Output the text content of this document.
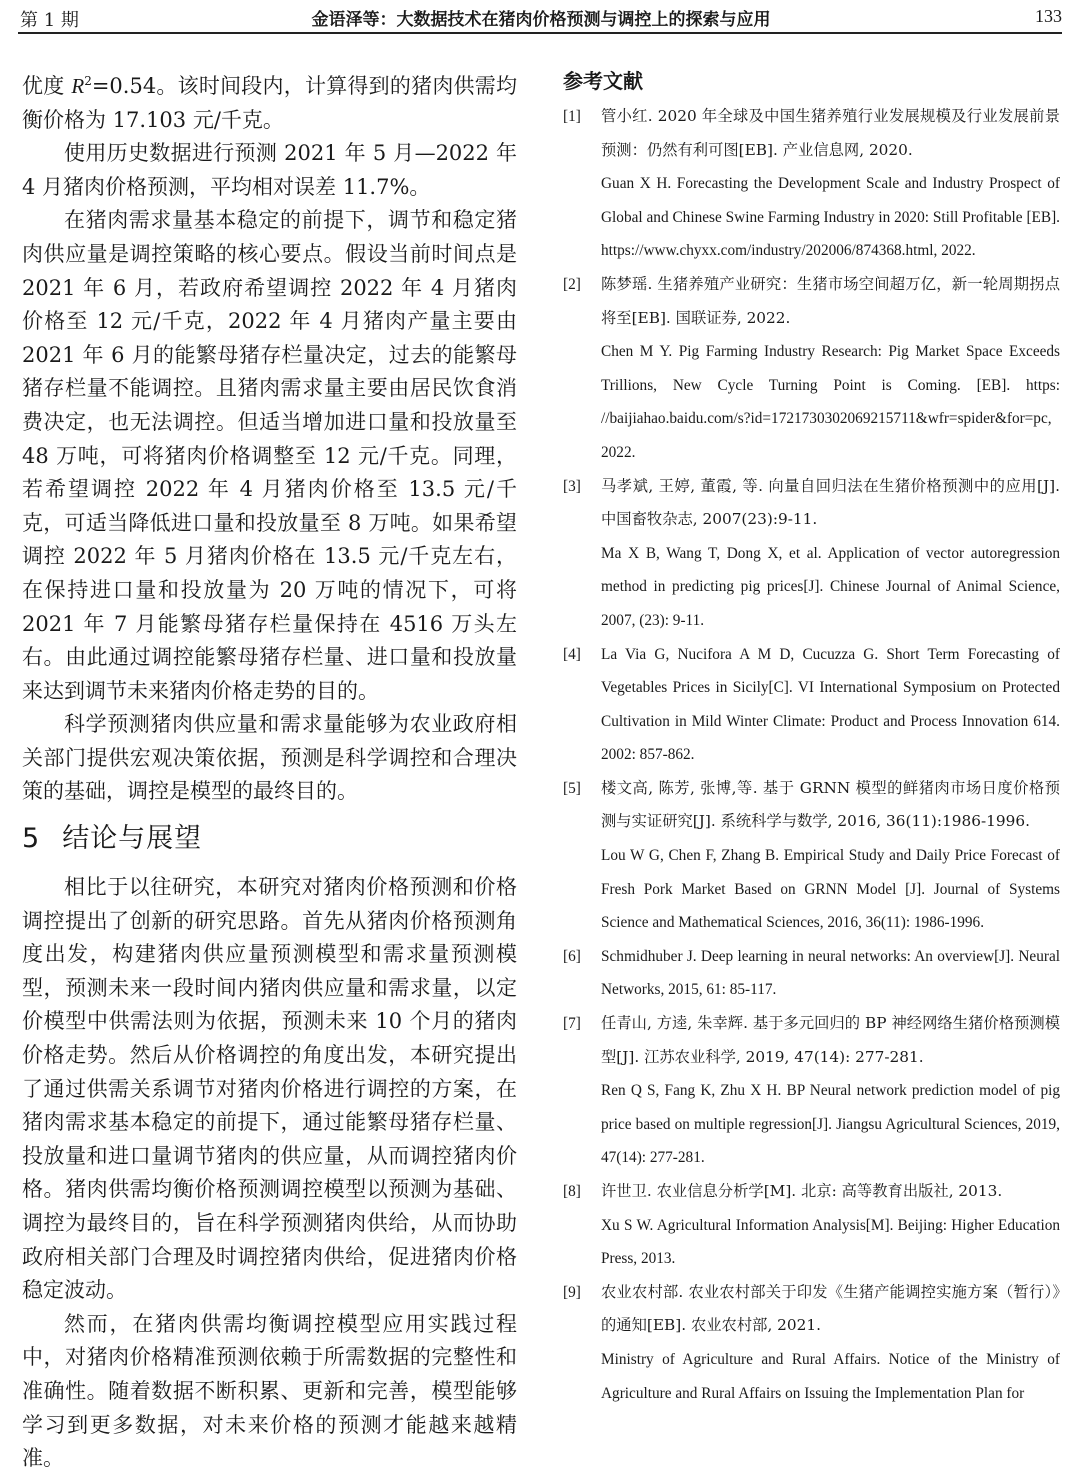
第 1 期	金语泽等：大数据技术在猪肉价格预测与调控上的探索与应用	133

优度 $R^2=0.54$。该时间段内，计算得到的猪肉供需均衡价格为 17.103 元/千克。

使用历史数据进行预测 2021 年 5 月—2022 年 4 月猪肉价格预测，平均相对误差 11.7%。

在猪肉需求量基本稳定的前提下，调节和稳定猪肉供应量是调控策略的核心要点。假设当前时间点是 2021 年 6 月，若政府希望调控 2022 年 4 月猪肉价格至 12 元/千克，2022 年 4 月猪肉产量主要由 2021 年 6 月的能繁母猪存栏量决定，过去的能繁母猪存栏量不能调控。且猪肉需求量主要由居民饮食消费决定，也无法调控。但适当增加进口量和投放量至 48 万吨，可将猪肉价格调整至 12 元/千克。同理，若希望调控 2022 年 4 月猪肉价格至 13.5 元/千克，可适当降低进口量和投放量至 8 万吨。如果希望调控 2022 年 5 月猪肉价格在 13.5 元/千克左右，在保持进口量和投放量为 20 万吨的情况下，可将 2021 年 7 月能繁母猪存栏量保持在 4516 万头左右。由此通过调控能繁母猪存栏量、进口量和投放量来达到调节未来猪肉价格走势的目的。

科学预测猪肉供应量和需求量能够为农业政府相关部门提供宏观决策依据，预测是科学调控和合理决策的基础，调控是模型的最终目的。

5 结论与展望

相比于以往研究，本研究对猪肉价格预测和价格调控提出了创新的研究思路。首先从猪肉价格预测角度出发，构建猪肉供应量预测模型和需求量预测模型，预测未来一段时间内猪肉供应量和需求量，以定价模型中供需法则为依据，预测未来 10 个月的猪肉价格走势。然后从价格调控的角度出发，本研究提出了通过供需关系调节对猪肉价格进行调控的方案，在猪肉需求基本稳定的前提下，通过能繁母猪存栏量、投放量和进口量调节猪肉的供应量，从而调控猪肉价格。猪肉供需均衡价格预测调控模型以预测为基础、调控为最终目的，旨在科学预测猪肉供给，从而协助政府相关部门合理及时调控猪肉供给，促进猪肉价格稳定波动。

然而，在猪肉供需均衡调控模型应用实践过程中，对猪肉价格精准预测依赖于所需数据的完整性和准确性。随着数据不断积累、更新和完善，模型能够学习到更多数据，对未来价格的预测才能越来越精准。

参考文献
[1] 管小红. 2020 年全球及中国生猪养殖行业发展规模及行业发展前景预测：仍然有利可图[EB]. 产业信息网, 2020.
Guan X H. Forecasting the Development Scale and Industry Prospect of Global and Chinese Swine Farming Industry in 2020: Still Profitable [EB]. https://www.chyxx.com/industry/202006/874368.html, 2022.
[2] 陈梦瑶. 生猪养殖产业研究：生猪市场空间超万亿，新一轮周期拐点将至[EB]. 国联证券, 2022.
Chen M Y. Pig Farming Industry Research: Pig Market Space Exceeds Trillions, New Cycle Turning Point is Coming. [EB]. https: //baijiahao.baidu.com/s?id=1721730302069215711&wfr=spider&for=pc, 2022.
[3] 马孝斌, 王婷, 董霞, 等. 向量自回归法在生猪价格预测中的应用[J]. 中国畜牧杂志, 2007(23):9-11.
Ma X B, Wang T, Dong X, et al. Application of vector autoregression method in predicting pig prices[J]. Chinese Journal of Animal Science, 2007, (23): 9-11.
[4] La Via G, Nucifora A M D, Cucuzza G. Short Term Forecasting of Vegetables Prices in Sicily[C]. VI International Symposium on Protected Cultivation in Mild Winter Climate: Product and Process Innovation 614. 2002: 857-862.
[5] 楼文高, 陈芳, 张博,等. 基于 GRNN 模型的鲜猪肉市场日度价格预测与实证研究[J]. 系统科学与数学, 2016, 36(11):1986-1996.
Lou W G, Chen F, Zhang B. Empirical Study and Daily Price Forecast of Fresh Pork Market Based on GRNN Model [J]. Journal of Systems Science and Mathematical Sciences, 2016, 36(11): 1986-1996.
[6] Schmidhuber J. Deep learning in neural networks: An overview[J]. Neural Networks, 2015, 61: 85-117.
[7] 任青山, 方逵, 朱幸辉. 基于多元回归的 BP 神经网络生猪价格预测模型[J]. 江苏农业科学, 2019, 47(14): 277-281.
Ren Q S, Fang K, Zhu X H. BP Neural network prediction model of pig price based on multiple regression[J]. Jiangsu Agricultural Sciences, 2019, 47(14): 277-281.
[8] 许世卫. 农业信息分析学[M]. 北京: 高等教育出版社, 2013.
Xu S W. Agricultural Information Analysis[M]. Beijing: Higher Education Press, 2013.
[9] 农业农村部. 农业农村部关于印发《生猪产能调控实施方案（暂行）》的通知[EB]. 农业农村部, 2021.
Ministry of Agriculture and Rural Affairs. Notice of the Ministry of Agriculture and Rural Affairs on Issuing the Implementation Plan for
